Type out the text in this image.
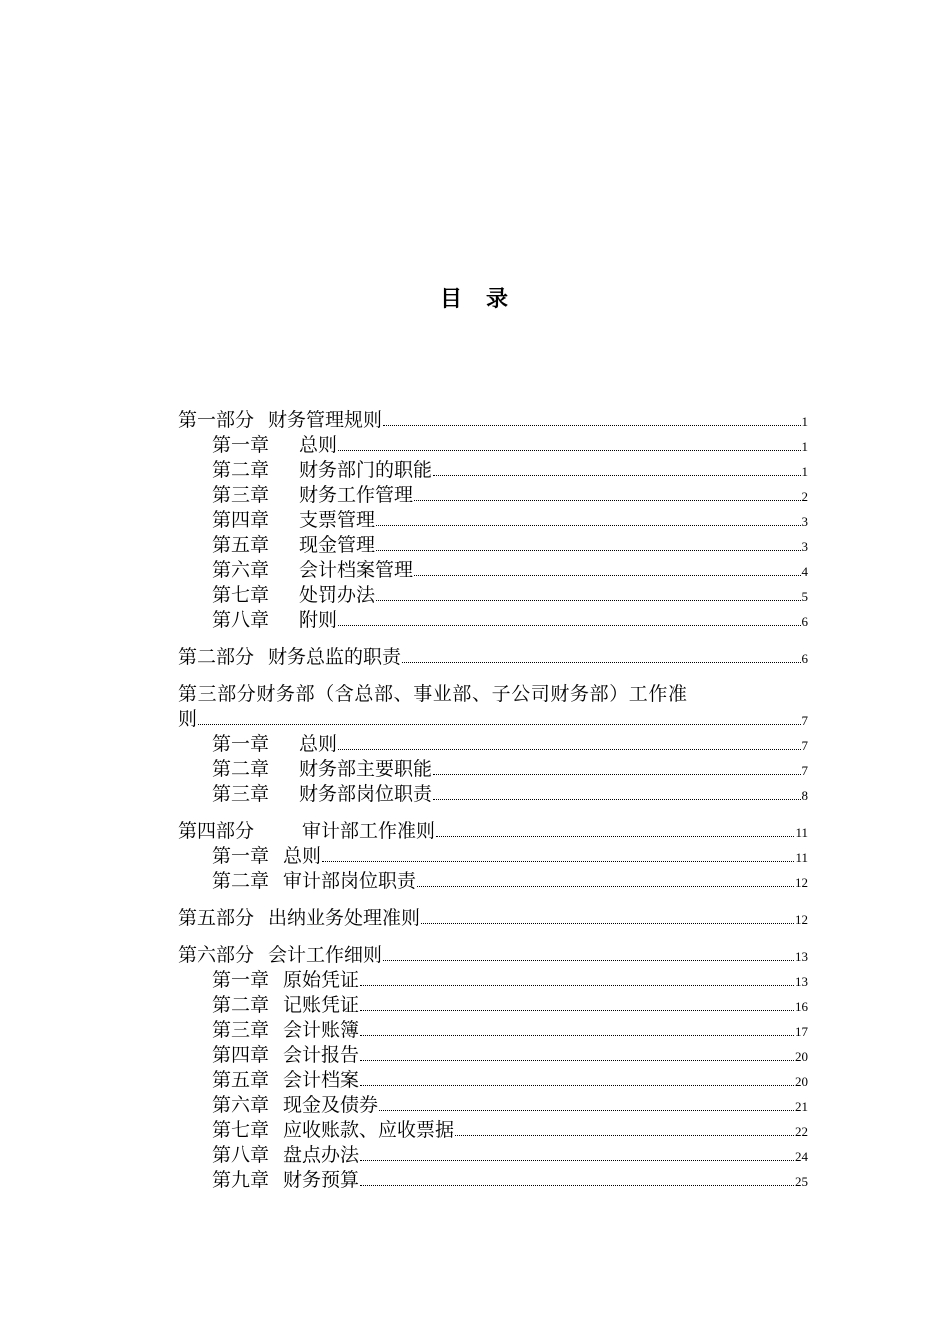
目 录
第一部分 财务管理规则	1
第一章 总则	1
第二章 财务部门的职能	1
第三章 财务工作管理	2
第四章 支票管理	3
第五章 现金管理	3
第六章 会计档案管理	4
第七章 处罚办法	5
第八章 附则	6
第二部分 财务总监的职责	6
第三部分财务部（含总部、事业部、子公司财务部）工作准
则	7
第一章 总则	7
第二章 财务部主要职能	7
第三章 财务部岗位职责	8
第四部分	审计部工作准则	11
第一章 总则	11
第二章 审计部岗位职责	12
第五部分 出纳业务处理准则	12
第六部分 会计工作细则	13
第一章 原始凭证	13
第二章 记账凭证	16
第三章 会计账簿	17
第四章 会计报告	20
第五章 会计档案	20
第六章 现金及债券	21
第七章 应收账款、应收票据	22
第八章 盘点办法	24
第九章 财务预算	25
